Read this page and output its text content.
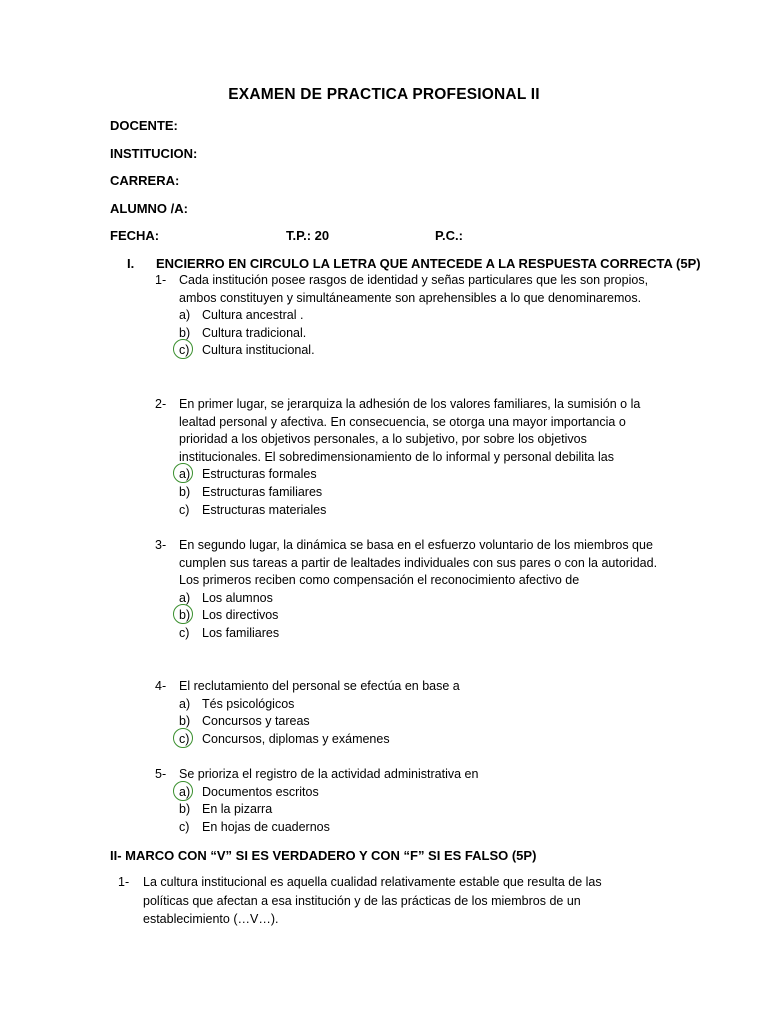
EXAMEN DE PRACTICA PROFESIONAL II
DOCENTE:
INSTITUCION:
CARRERA:
ALUMNO /A:
FECHA:	T.P.: 20	P.C.:
I. ENCIERRO EN CIRCULO LA LETRA QUE ANTECEDE A LA RESPUESTA CORRECTA (5P)
1- Cada institución posee rasgos de identidad y señas particulares que les son propios, ambos constituyen y simultáneamente son aprehensibles a lo que denominaremos.
a) Cultura ancestral .
b) Cultura tradicional.
c) Cultura institucional.
2- En primer lugar, se jerarquiza la adhesión de los valores familiares, la sumisión o la lealtad personal y afectiva. En consecuencia, se otorga una mayor importancia o prioridad a los objetivos personales, a lo subjetivo, por sobre los objetivos institucionales. El sobredimensionamiento de lo informal y personal debilita las
a) Estructuras formales
b) Estructuras familiares
c) Estructuras materiales
3- En segundo lugar, la dinámica se basa en el esfuerzo voluntario de los miembros que cumplen sus tareas a partir de lealtades individuales con sus pares o con la autoridad. Los primeros reciben como compensación el reconocimiento afectivo de
a) Los alumnos
b) Los directivos
c) Los familiares
4- El reclutamiento del personal se efectúa en base a
a) Tés psicológicos
b) Concursos y tareas
c) Concursos, diplomas y exámenes
5- Se prioriza el registro de la actividad administrativa en
a) Documentos escritos
b) En la pizarra
c) En hojas de cuadernos
II- MARCO CON “V” SI ES VERDADERO Y CON “F” SI ES FALSO (5P)
1- La cultura institucional es aquella cualidad relativamente estable que resulta de las políticas que afectan a esa institución y de las prácticas de los miembros de un establecimiento (…V…).
